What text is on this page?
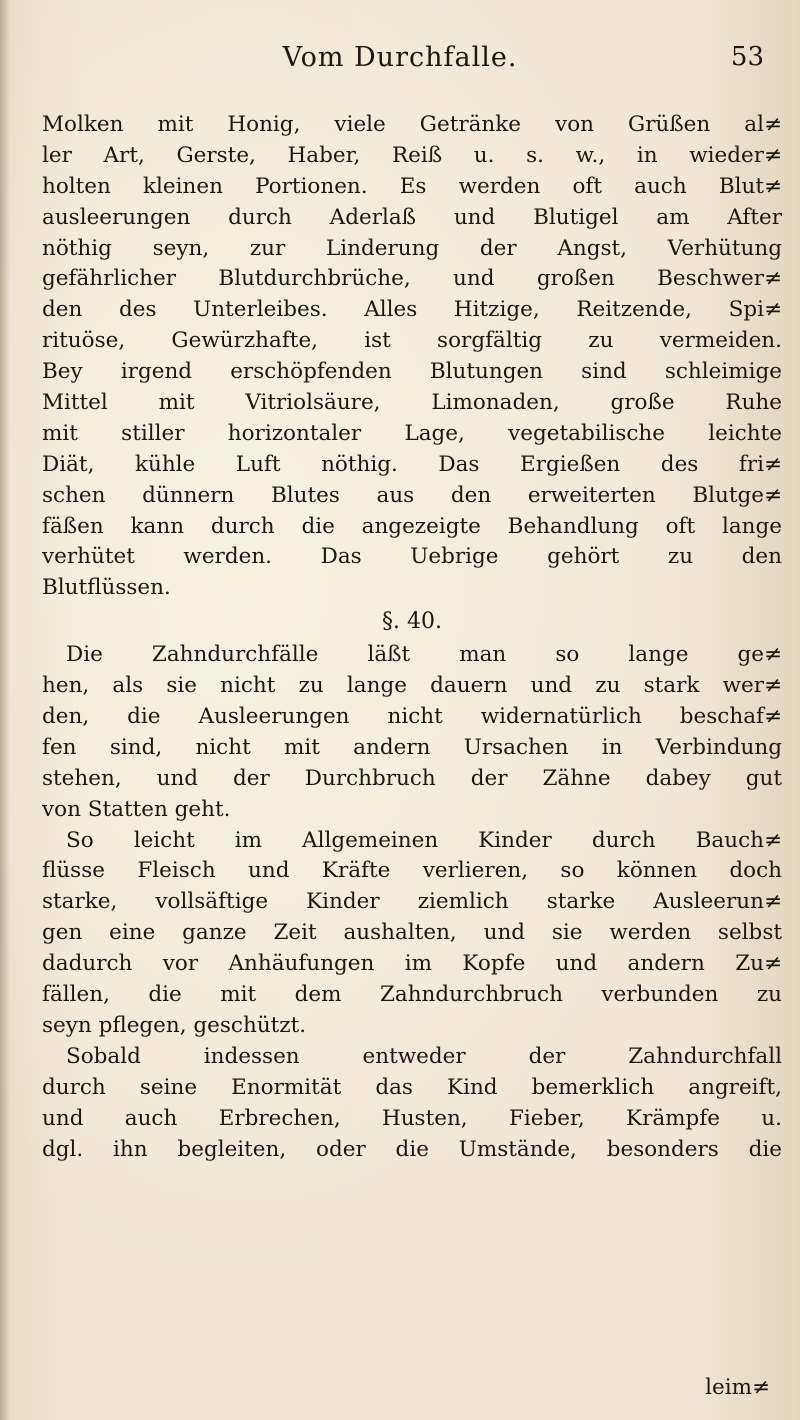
Vom Durchfalle.	53
Molken mit Honig, viele Getränke von Grüßen al≠
ler Art, Gerste, Haber, Reiß u. s. w., in wieder≠
holten kleinen Portionen. Es werden oft auch Blut≠
ausleerungen durch Aderlaß und Blutigel am After
nöthig seyn, zur Linderung der Angst, Verhütung
gefährlicher Blutdurchbrüche, und großen Beschwer≠
den des Unterleibes. Alles Hitzige, Reitzende, Spi≠
rituöse, Gewürzhafte, ist sorgfältig zu vermeiden.
Bey irgend erschöpfenden Blutungen sind schleimige
Mittel mit Vitriolsäure, Limonaden, große Ruhe
mit stiller horizontaler Lage, vegetabilische leichte
Diät, kühle Luft nöthig. Das Ergießen des fri≠
schen dünnern Blutes aus den erweiterten Blutge≠
fäßen kann durch die angezeigte Behandlung oft lange
verhütet werden. Das Uebrige gehört zu den
Blutflüssen.
§. 40.
Die Zahndurchfälle läßt man so lange ge≠
hen, als sie nicht zu lange dauern und zu stark wer≠
den, die Ausleerungen nicht widernatürlich beschaf≠
fen sind, nicht mit andern Ursachen in Verbindung
stehen, und der Durchbruch der Zähne dabey gut
von Statten geht.
So leicht im Allgemeinen Kinder durch Bauch≠
flüsse Fleisch und Kräfte verlieren, so können doch
starke, vollsäftige Kinder ziemlich starke Ausleerun≠
gen eine ganze Zeit aushalten, und sie werden selbst
dadurch vor Anhäufungen im Kopfe und andern Zu≠
fällen, die mit dem Zahndurchbruch verbunden zu
seyn pflegen, geschützt.
Sobald indessen entweder der Zahndurchfall
durch seine Enormität das Kind bemerklich angreift,
und auch Erbrechen, Husten, Fieber, Krämpfe u.
dgl. ihn begleiten, oder die Umstände, besonders die
leim≠
